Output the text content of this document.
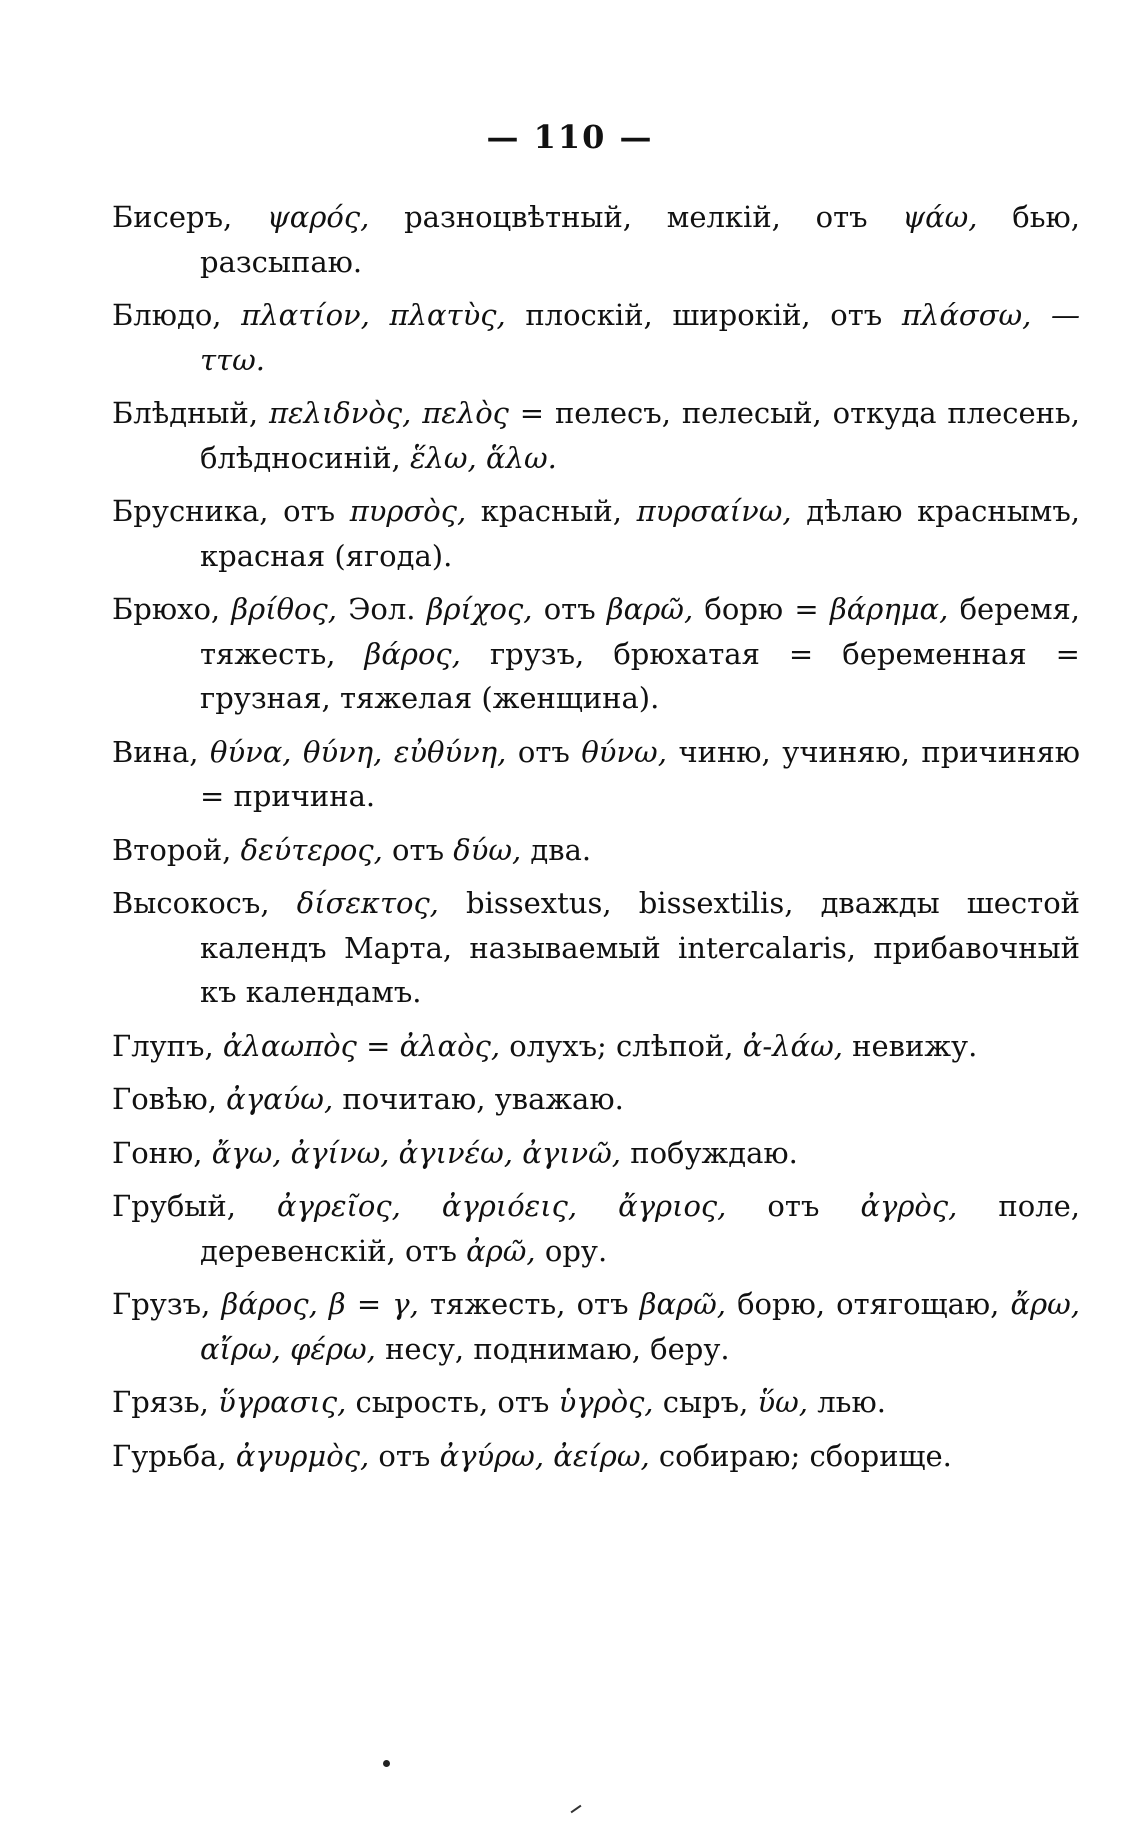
— 110 —

Бисеръ, ψαρός, разноцвѣтный, мелкій, отъ ψάω, бью, разсыпаю.

Блюдо, πλατίον, πλατὺς, плоскій, широкій, отъ πλάσσω, — ττω.

Блѣдный, πελιδνὸς, πελὸς = пелесъ, пелесый, откуда плесень, блѣдносиній, ἕλω, ἅλω.

Брусника, отъ πυρσὸς, красный, πυρσαίνω, дѣлаю краснымъ, красная (ягода).

Брюхо, βρίθος, Эол. βρίχος, отъ βαρῶ, борю = βάρημα, беремя, тяжесть, βάρος, грузъ, брюхатая = беременная = грузная, тяжелая (женщина).

Вина, θύνα, θύνη, εὐθύνη, отъ θύνω, чиню, учиняю, причиняю = причина.

Второй, δεύτερος, отъ δύω, два.

Высокосъ, δίσεκτος, bissextus, bissextilis, дважды шестой календъ Марта, называемый intercalaris, прибавочный къ календамъ.

Глупъ, ἀλαωπὸς = ἀλαὸς, олухъ; слѣпой, ἀ-λάω, невижу.

Говѣю, ἀγαύω, почитаю, уважаю.

Гоню, ἄγω, ἀγίνω, ἀγινέω, ἀγινῶ, побуждаю.

Грубый, ἀγρεῖος, ἀγριόεις, ἄγριος, отъ ἀγρὸς, поле, деревенскій, отъ ἀρῶ, ору.

Грузъ, βάρος, β = γ, тяжесть, отъ βαρῶ, борю, отягощаю, ἄρω, αἴρω, φέρω, несу, поднимаю, беру.

Грязь, ὕγρασις, сырость, отъ ὑγρὸς, сыръ, ὕω, лью.

Гурьба, ἀγυρμὸς, отъ ἀγύρω, ἀείρω, собираю; сборище.
